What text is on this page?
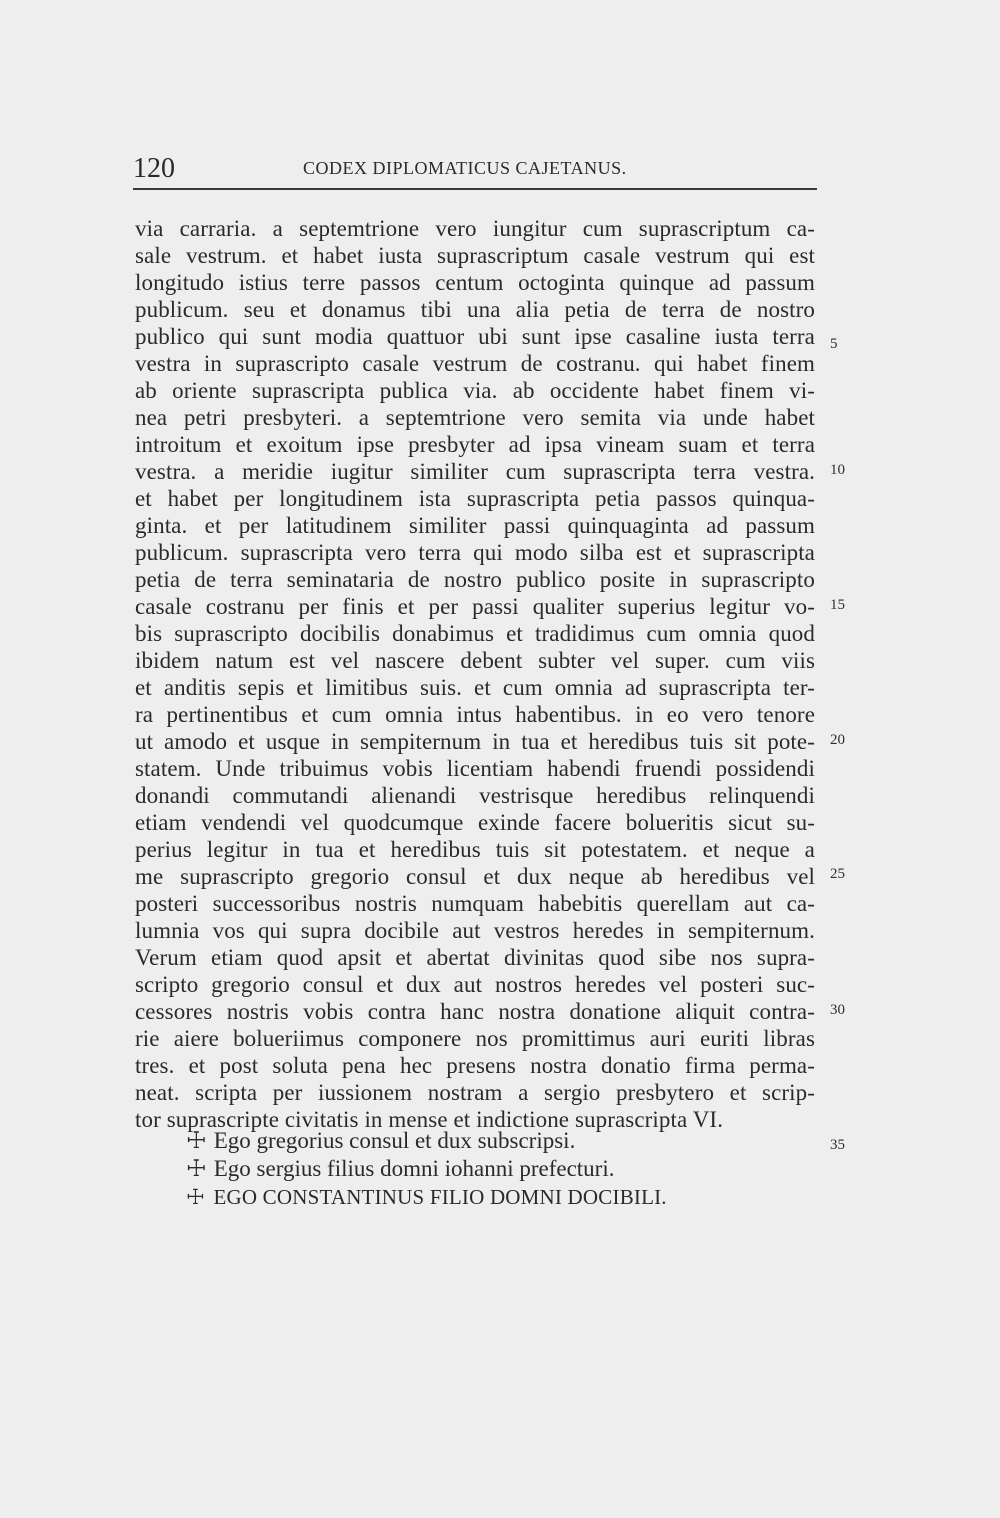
120	CODEX DIPLOMATICUS CAJETANUS.
via carraria. a septemtrione vero iungitur cum suprascriptum ca-
sale vestrum. et habet iusta suprascriptum casale vestrum qui est
longitudo istius terre passos centum octoginta quinque ad passum
publicum. seu et donamus tibi una alia petia de terra de nostro
publico qui sunt modia quattuor ubi sunt ipse casaline iusta terra
vestra in suprascripto casale vestrum de costranu. qui habet finem
ab oriente suprascripta publica via. ab occidente habet finem vi-
nea petri presbyteri. a septemtrione vero semita via unde habet
introitum et exoitum ipse presbyter ad ipsa vineam suam et terra
vestra. a meridie iugitur similiter cum suprascripta terra vestra.
et habet per longitudinem ista suprascripta petia passos quinqua-
ginta. et per latitudinem similiter passi quinquaginta ad passum
publicum. suprascripta vero terra qui modo silba est et suprascripta
petia de terra seminataria de nostro publico posite in suprascripto
casale costranu per finis et per passi qualiter superius legitur vo-
bis suprascripto docibilis donabimus et tradidimus cum omnia quod
ibidem natum est vel nascere debent subter vel super. cum viis
et anditis sepis et limitibus suis. et cum omnia ad suprascripta ter-
ra pertinentibus et cum omnia intus habentibus. in eo vero tenore
ut amodo et usque in sempiternum in tua et heredibus tuis sit pote-
statem. Unde tribuimus vobis licentiam habendi fruendi possidendi
donandi commutandi alienandi vestrisque heredibus relinquendi
etiam vendendi vel quodcumque exinde facere bolueritis sicut su-
perius legitur in tua et heredibus tuis sit potestatem. et neque a
me suprascripto gregorio consul et dux neque ab heredibus vel
posteri successoribus nostris numquam habebitis querellam aut ca-
lumnia vos qui supra docibile aut vestros heredes in sempiternum.
Verum etiam quod apsit et abertat divinitas quod sibe nos supra-
scripto gregorio consul et dux aut nostros heredes vel posteri suc-
cessores nostris vobis contra hanc nostra donatione aliquit contra-
rie aiere bolueriimus componere nos promittimus auri euriti libras
tres. et post soluta pena hec presens nostra donatio firma perma-
neat. scripta per iussionem nostram a sergio presbytero et scrip-
tor suprascripte civitatis in mense et indictione suprascripta VI.
☩ Ego gregorius consul et dux subscripsi.
☩ Ego sergius filius domni iohanni prefecturi.
☩ EGO CONSTANTINUS FILIO DOMNI DOCIBILI.
5
10
15
20
25
30
35
